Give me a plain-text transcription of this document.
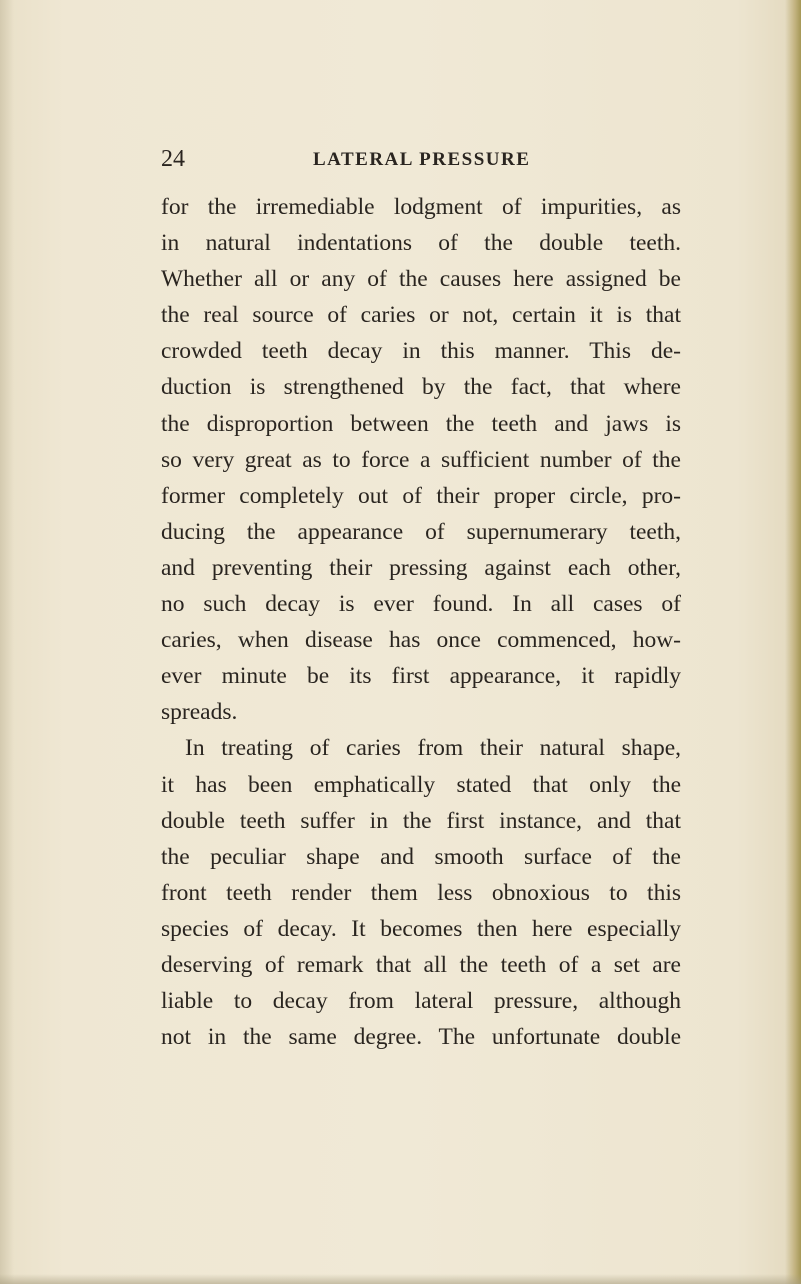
24	LATERAL PRESSURE
for the irremediable lodgment of impurities, as
in natural indentations of the double teeth.
Whether all or any of the causes here assigned be
the real source of caries or not, certain it is that
crowded teeth decay in this manner. This de-
duction is strengthened by the fact, that where
the disproportion between the teeth and jaws is
so very great as to force a sufficient number of the
former completely out of their proper circle, pro-
ducing the appearance of supernumerary teeth,
and preventing their pressing against each other,
no such decay is ever found. In all cases of
caries, when disease has once commenced, how-
ever minute be its first appearance, it rapidly
spreads.
In treating of caries from their natural shape,
it has been emphatically stated that only the
double teeth suffer in the first instance, and that
the peculiar shape and smooth surface of the
front teeth render them less obnoxious to this
species of decay. It becomes then here especially
deserving of remark that all the teeth of a set are
liable to decay from lateral pressure, although
not in the same degree. The unfortunate double
